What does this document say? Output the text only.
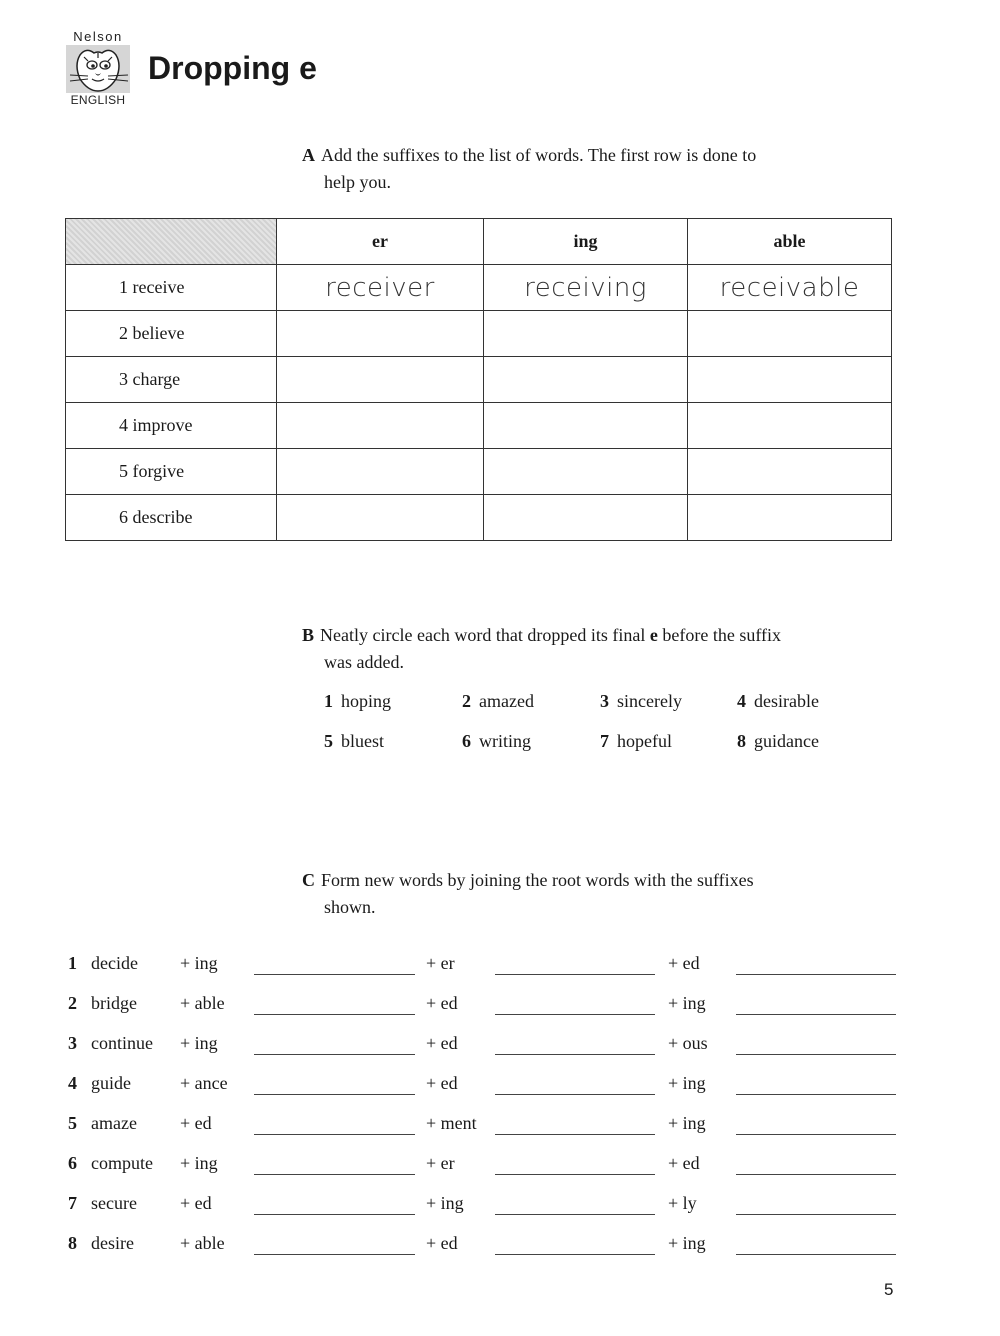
Nelson
ENGLISH
Dropping e
A Add the suffixes to the list of words. The first row is done to
help you.
	er	ing	able
1 receive	receiver	receiving	receivable
2 believe			
3 charge			
4 improve			
5 forgive			
6 describe			
B Neatly circle each word that dropped its final e before the suffix
was added.
1 hoping	2 amazed	3 sincerely	4 desirable
5 bluest	6 writing	7 hopeful	8 guidance
C Form new words by joining the root words with the suffixes
shown.
1 decide + ing	+ er	+ ed
2 bridge + able	+ ed	+ ing
3 continue + ing	+ ed	+ ous
4 guide	+ ance	+ ed	+ ing
5 amaze + ed	+ ment	+ ing
6 compute + ing	+ er	+ ed
7 secure + ed	+ ing	+ ly
8 desire	+ able	+ ed	+ ing
5
